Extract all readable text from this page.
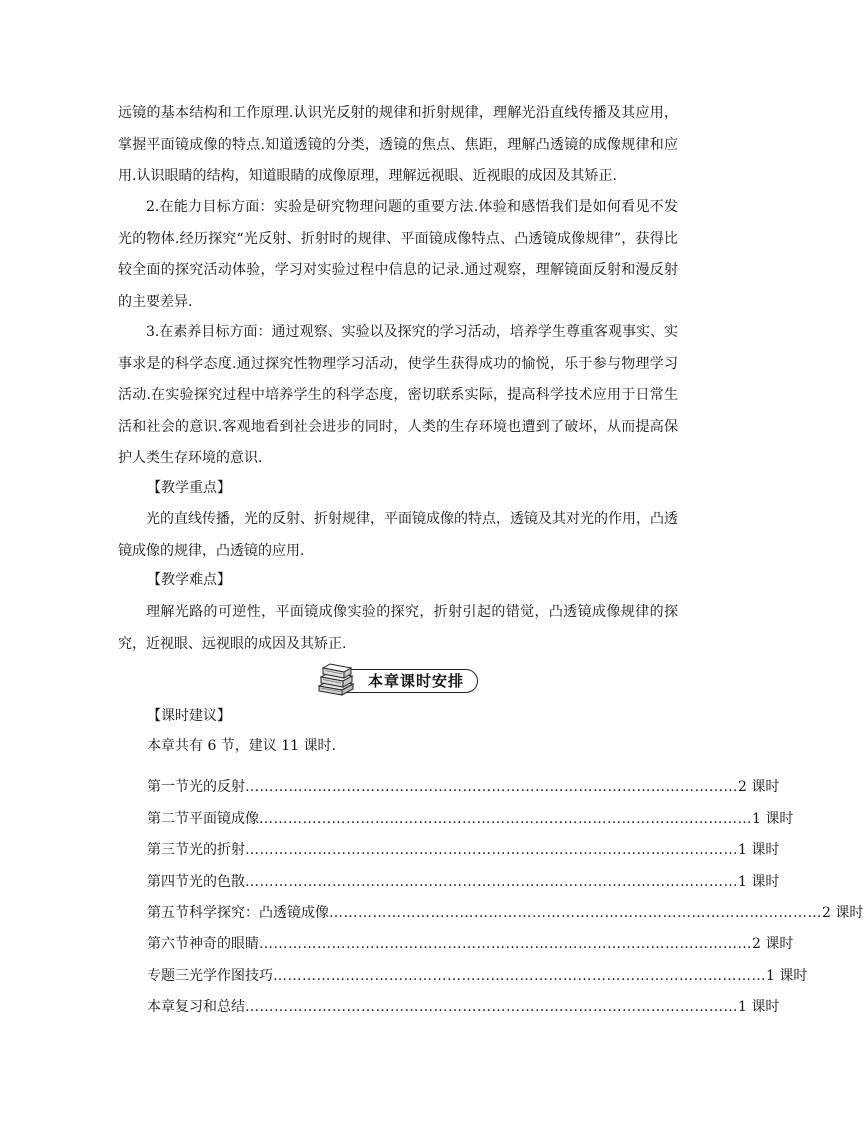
远镜的基本结构和工作原理.认识光反射的规律和折射规律，理解光沿直线传播及其应用，掌握平面镜成像的特点.知道透镜的分类，透镜的焦点、焦距，理解凸透镜的成像规律和应用.认识眼睛的结构，知道眼睛的成像原理，理解远视眼、近视眼的成因及其矫正.

2.在能力目标方面：实验是研究物理问题的重要方法.体验和感悟我们是如何看见不发光的物体.经历探究“光反射、折射时的规律、平面镜成像特点、凸透镜成像规律”，获得比较全面的探究活动体验，学习对实验过程中信息的记录.通过观察，理解镜面反射和漫反射的主要差异.

3.在素养目标方面：通过观察、实验以及探究的学习活动，培养学生尊重客观事实、实事求是的科学态度.通过探究性物理学习活动，使学生获得成功的愉悦，乐于参与物理学习活动.在实验探究过程中培养学生的科学态度，密切联系实际，提高科学技术应用于日常生活和社会的意识.客观地看到社会进步的同时，人类的生存环境也遭到了破坏，从而提高保护人类生存环境的意识.

【教学重点】

光的直线传播，光的反射、折射规律，平面镜成像的特点，透镜及其对光的作用，凸透镜成像的规律，凸透镜的应用.

【教学难点】

理解光路的可逆性，平面镜成像实验的探究，折射引起的错觉，凸透镜成像规律的探究，近视眼、远视眼的成因及其矫正.

本章课时安排

【课时建议】

本章共有 6 节，建议 11 课时.

第一节 光的反射 ………………………………………………………………………………………… 2 课时
第二节 平面镜成像 ………………………………………………………………………………………… 1 课时
第三节 光的折射 ………………………………………………………………………………………… 1 课时
第四节 光的色散 ………………………………………………………………………………………… 1 课时
第五节 科学探究：凸透镜成像 ………………………………………………………………………………………… 2 课时
第六节 神奇的眼睛 ………………………………………………………………………………………… 2 课时
专题三 光学作图技巧 ………………………………………………………………………………………… 1 课时
本章复习和总结 ………………………………………………………………………………………… 1 课时
